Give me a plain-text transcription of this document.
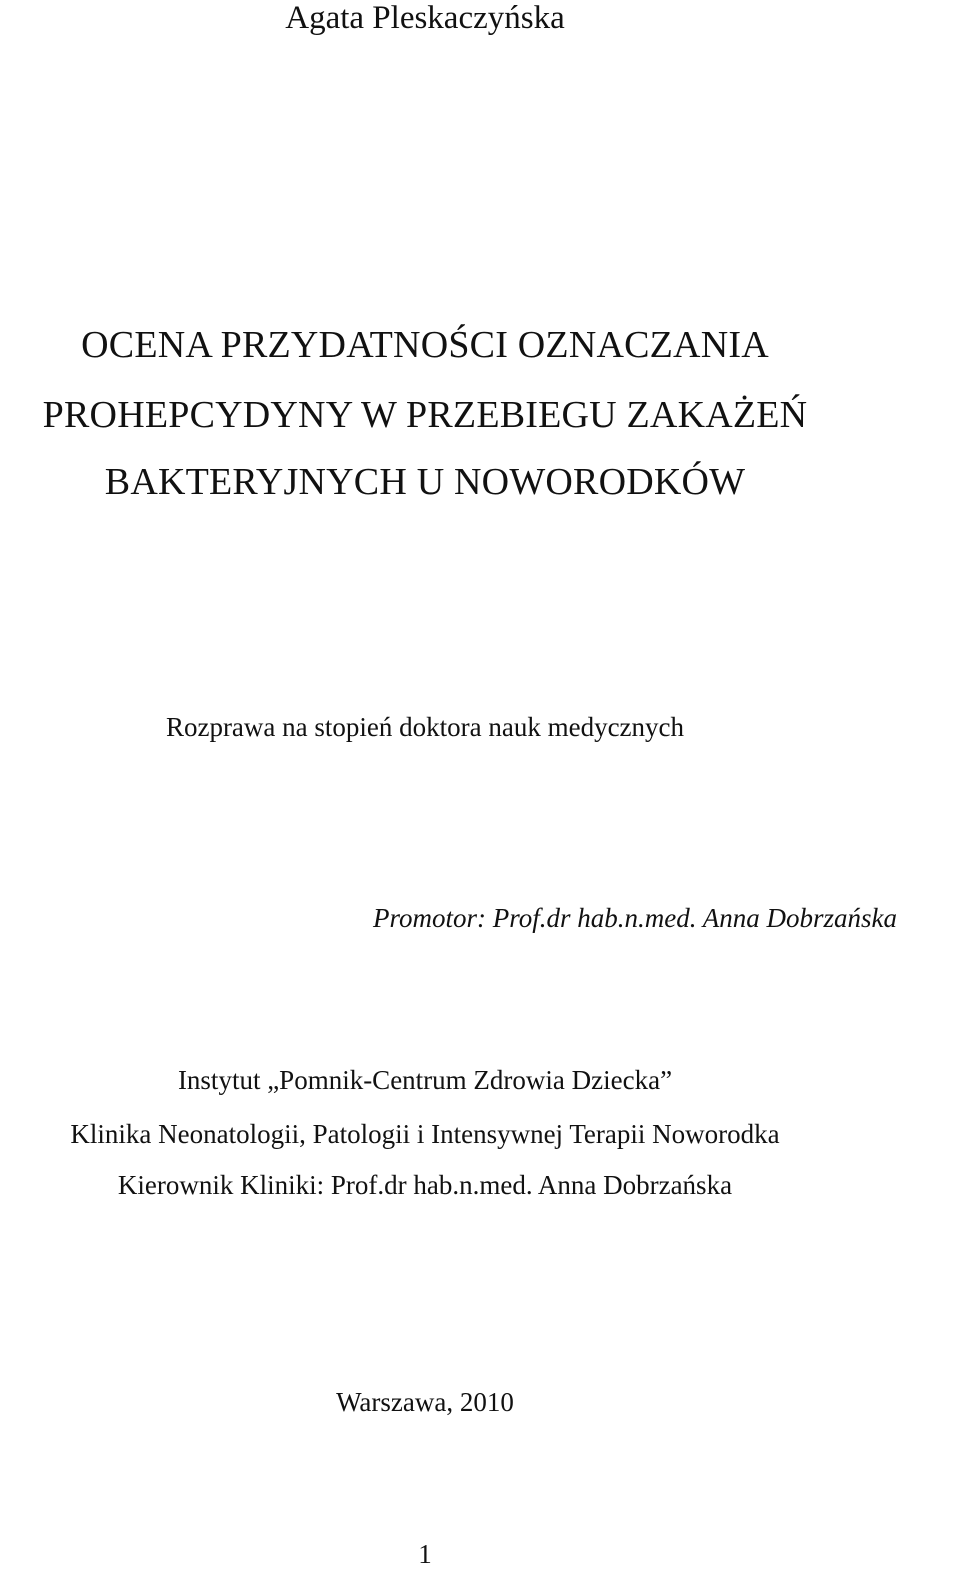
Agata Pleskaczyńska
OCENA PRZYDATNOŚCI OZNACZANIA
PROHEPCYDYNY W PRZEBIEGU ZAKAŻEŃ
BAKTERYJNYCH U NOWORODKÓW
Rozprawa na stopień doktora nauk medycznych
Promotor: Prof.dr hab.n.med. Anna Dobrzańska
Instytut „Pomnik-Centrum Zdrowia Dziecka”
Klinika Neonatologii, Patologii i Intensywnej Terapii Noworodka
Kierownik Kliniki: Prof.dr hab.n.med. Anna Dobrzańska
Warszawa, 2010
1
